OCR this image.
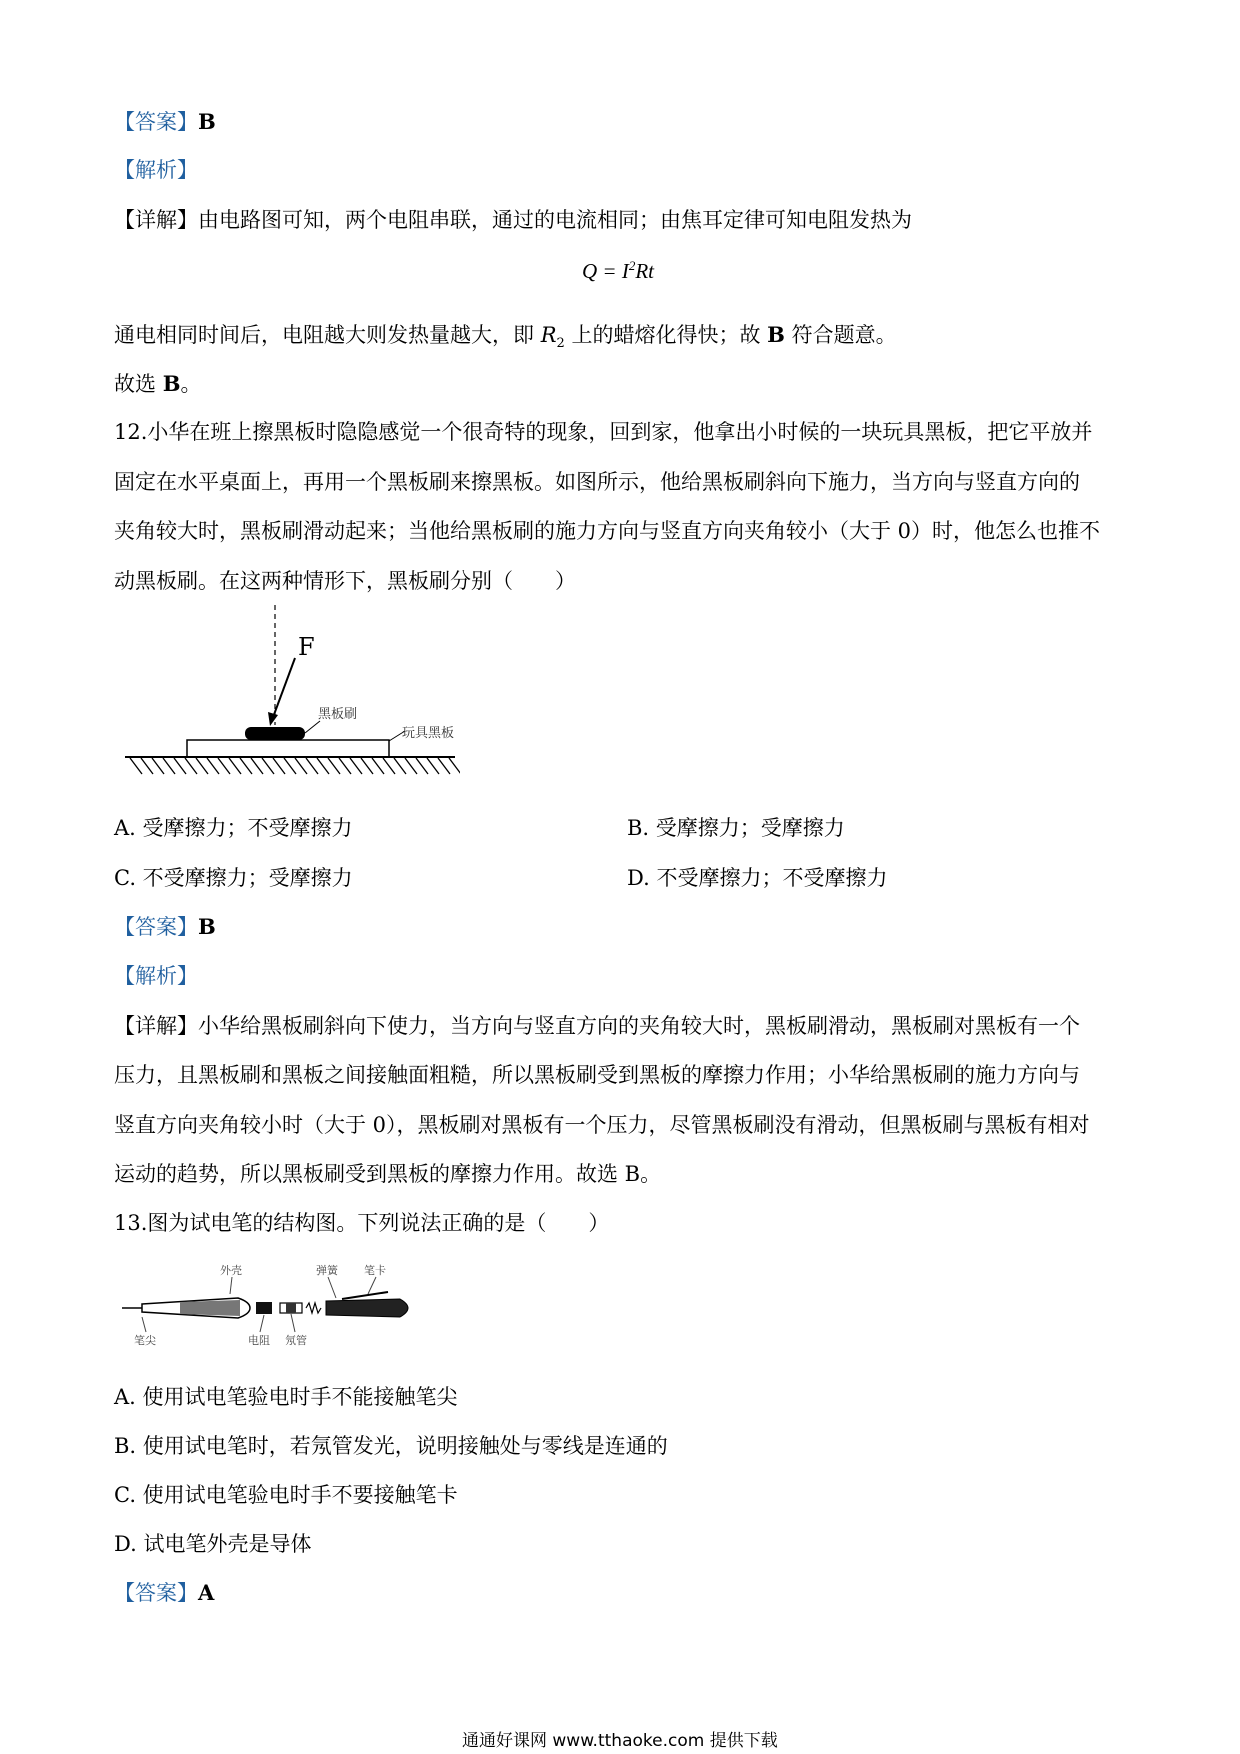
【答案】B
【解析】
【详解】由电路图可知，两个电阻串联，通过的电流相同；由焦耳定律可知电阻发热为
$Q = I^2Rt$
通电相同时间后，电阻越大则发热量越大，即 $R_2$ 上的蜡熔化得快；故 B 符合题意。
故选 B。
12.小华在班上擦黑板时隐隐感觉一个很奇特的现象，回到家，他拿出小时候的一块玩具黑板，把它平放并
固定在水平桌面上，再用一个黑板刷来擦黑板。如图所示，他给黑板刷斜向下施力，当方向与竖直方向的
夹角较大时，黑板刷滑动起来；当他给黑板刷的施力方向与竖直方向夹角较小（大于 0）时，他怎么也推不
动黑板刷。在这两种情形下，黑板刷分别（　　）
F
黑板刷
玩具黑板
A. 受摩擦力；不受摩擦力	B. 受摩擦力；受摩擦力
C. 不受摩擦力；受摩擦力	D. 不受摩擦力；不受摩擦力
【答案】B
【解析】
【详解】小华给黑板刷斜向下使力，当方向与竖直方向的夹角较大时，黑板刷滑动，黑板刷对黑板有一个
压力，且黑板刷和黑板之间接触面粗糙，所以黑板刷受到黑板的摩擦力作用；小华给黑板刷的施力方向与
竖直方向夹角较小时（大于 0），黑板刷对黑板有一个压力，尽管黑板刷没有滑动，但黑板刷与黑板有相对
运动的趋势，所以黑板刷受到黑板的摩擦力作用。故选 B。
13.图为试电笔的结构图。下列说法正确的是（　　）
外壳	弹簧 笔卡
笔尖	电阻 氖管
A. 使用试电笔验电时手不能接触笔尖
B. 使用试电笔时，若氖管发光，说明接触处与零线是连通的
C. 使用试电笔验电时手不要接触笔卡
D. 试电笔外壳是导体
【答案】A
通通好课网 www.tthaoke.com 提供下载
